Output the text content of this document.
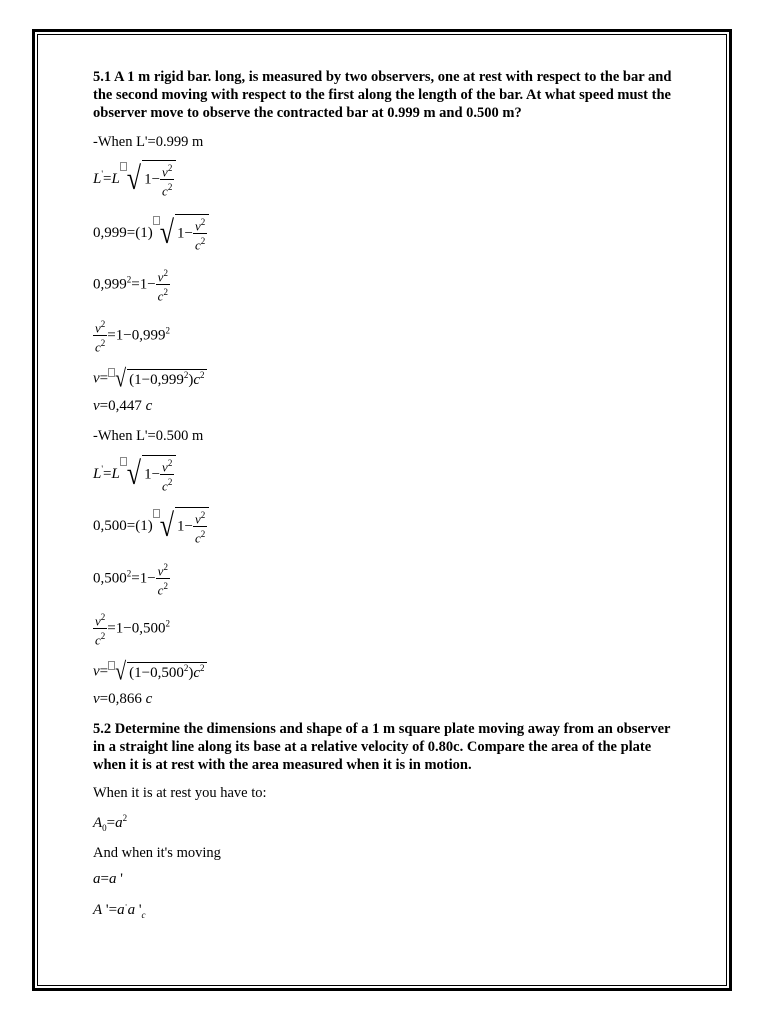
5.1 A 1 m rigid bar. long, is measured by two observers, one at rest with respect to the bar and the second moving with respect to the first along the length of the bar. At what speed must the observer move to observe the contracted bar at 0.999 m and 0.500 m?
-When L'=0.999 m
L'=L √ $1- \frac{v^2}{c^2}$
0,999=(1) √ $1- \frac{v^2}{c^2}$
$0,999^2=1- \frac{v^2}{c^2}$
$\frac{v^2}{c^2} =1-0,999^2$
v= √ $(1-0,999^2)c^2$
v=0,447 c
-When L'=0.500 m
L'=L √ $1- \frac{v^2}{c^2}$
0,500=(1) √ $1- \frac{v^2}{c^2}$
$0,500^2=1- \frac{v^2}{c^2}$
$\frac{v^2}{c^2} =1-0,500^2$
v= √ $(1-0,500^2)c^2$
v=0,866 c
5.2 Determine the dimensions and shape of a 1 m square plate moving away from an observer in a straight line along its base at a relative velocity of 0.80c. Compare the area of the plate when it is at rest with the area measured when it is in motion.
When it is at rest you have to:
$A_0=a^2$
And when it's moving
a=a '
A '=a·a '$_c$
